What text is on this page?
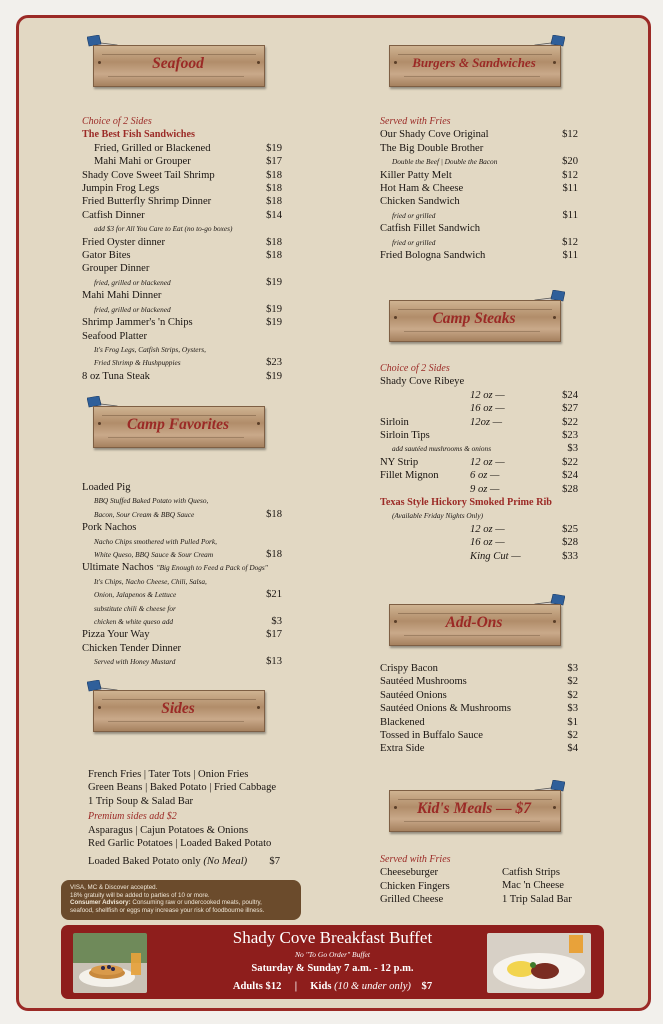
Seafood	Burgers & Sandwiches
Camp Favorites
Camp Steaks
Sides
Add-Ons
Kid's Meals — $7
Choice of 2 Sides
The Best Fish Sandwiches
Fried, Grilled or Blackened	$19
Mahi Mahi or Grouper	$17
Shady Cove Sweet Tail Shrimp	$18
Jumpin Frog Legs	$18
Fried Butterfly Shrimp Dinner	$18
Catfish Dinner	$14
add $3 for All You Care to Eat (no to-go boxes)
Fried Oyster dinner	$18
Gator Bites	$18
Grouper Dinner
fried, grilled or blackened	$19
Mahi Mahi Dinner
fried, grilled or blackened	$19
Shrimp Jammer's 'n Chips	$19
Seafood Platter
It's Frog Legs, Catfish Strips, Oysters,
Fried Shrimp & Hushpuppies	$23
8 oz Tuna Steak	$19
Loaded Pig
BBQ Stuffed Baked Potato with Queso,
Bacon, Sour Cream & BBQ Sauce	$18
Pork Nachos
Nacho Chips smothered with Pulled Pork,
White Queso, BBQ Sauce & Sour Cream	$18
Ultimate Nachos "Big Enough to Feed a Pack of Dogs"
It's Chips, Nacho Cheese, Chili, Salsa,
Onion, Jalapenos & Lettuce	$21
substitute chili & cheese for
chicken & white queso add	$3
Pizza Your Way	$17
Chicken Tender Dinner
Served with Honey Mustard	$13
French Fries | Tater Tots | Onion Fries
Green Beans | Baked Potato | Fried Cabbage
1 Trip Soup & Salad Bar
Premium sides add $2
Asparagus | Cajun Potatoes & Onions
Red Garlic Potatoes | Loaded Baked Potato
Loaded Baked Potato only (No Meal) $7
VISA, MC & Discover accepted.
18% gratuity will be added to parties of 10 or more.
Consumer Advisory: Consuming raw or undercooked meats, poultry,
seafood, shellfish or eggs may increase your risk of foodbourne illness.
Served with Fries
Our Shady Cove Original	$12
The Big Double Brother
Double the Beef | Double the Bacon	$20
Killer Patty Melt	$12
Hot Ham & Cheese	$11
Chicken Sandwich
fried or grilled	$11
Catfish Fillet Sandwich
fried or grilled	$12
Fried Bologna Sandwich	$11
Choice of 2 Sides
Shady Cove Ribeye
12 oz —	$24
16 oz —	$27
Sirloin	12oz —	$22
Sirloin Tips	$23
add sautéed mushrooms & onions	$3
NY Strip	12 oz —	$22
Fillet Mignon	6 oz —	$24
9 oz —	$28
Texas Style Hickory Smoked Prime Rib
(Available Friday Nights Only)
12 oz —	$25
16 oz —	$28
King Cut —	$33
Crispy Bacon	$3
Sautéed Mushrooms	$2
Sautéed Onions	$2
Sautéed Onions & Mushrooms	$3
Blackened	$1
Tossed in Buffalo Sauce	$2
Extra Side	$4
Served with Fries
Cheeseburger
Chicken Fingers
Grilled Cheese
Catfish Strips
Mac 'n Cheese
1 Trip Salad Bar
Shady Cove Breakfast Buffet
No "To Go Order" Buffet
Saturday & Sunday 7 a.m. - 12 p.m.
Adults $12 | Kids (10 & under only) $7
